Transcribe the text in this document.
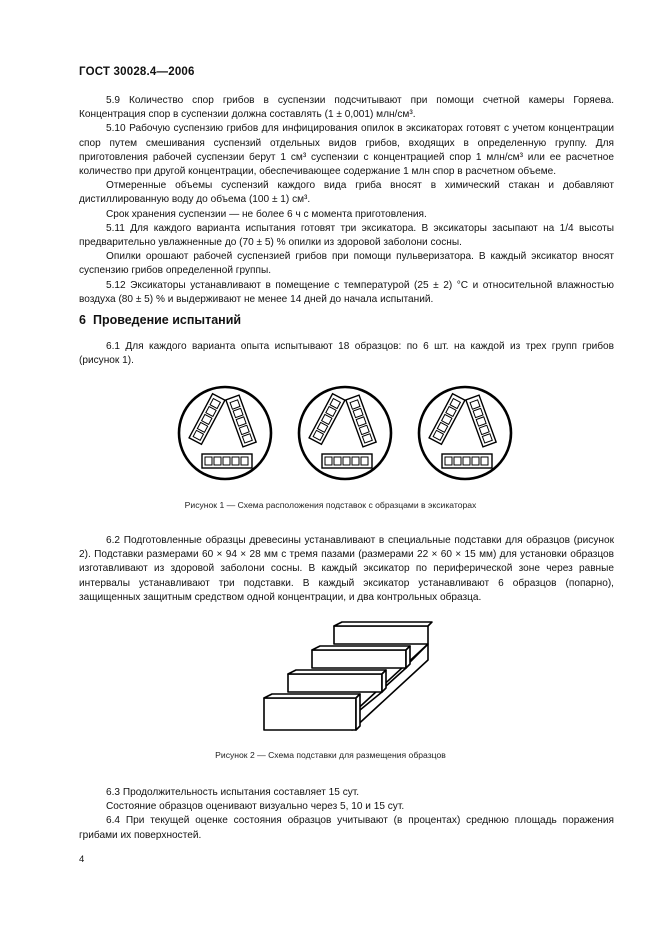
ГОСТ 30028.4—2006

5.9 Количество спор грибов в суспензии подсчитывают при помощи счетной камеры Горяева. Концентрация спор в суспензии должна составлять (1 ± 0,001) млн/см³.

5.10 Рабочую суспензию грибов для инфицирования опилок в эксикаторах готовят с учетом концентрации спор путем смешивания суспензий отдельных видов грибов, входящих в определенную группу. Для приготовления рабочей суспензии берут 1 см³ суспензии с концентрацией спор 1 млн/см³ или ее расчетное количество при другой концентрации, обеспечивающее содержание 1 млн спор в расчетном объеме.

Отмеренные объемы суспензий каждого вида гриба вносят в химический стакан и добавляют дистиллированную воду до объема (100 ± 1) см³.

Срок хранения суспензии — не более 6 ч с момента приготовления.

5.11 Для каждого варианта испытания готовят три эксикатора. В эксикаторы засыпают на 1/4 высоты предварительно увлажненные до (70 ± 5) % опилки из здоровой заболони сосны.

Опилки орошают рабочей суспензией грибов при помощи пульверизатора. В каждый эксикатор вносят суспензию грибов определенной группы.

5.12 Эксикаторы устанавливают в помещение с температурой (25 ± 2) °С и относительной влажностью воздуха (80 ± 5) % и выдерживают не менее 14 дней до начала испытаний.

6 Проведение испытаний

6.1 Для каждого варианта опыта испытывают 18 образцов: по 6 шт. на каждой из трех групп грибов (рисунок 1).

Рисунок 1 — Схема расположения подставок с образцами в эксикаторах

6.2 Подготовленные образцы древесины устанавливают в специальные подставки для образцов (рисунок 2). Подставки размерами 60 × 94 × 28 мм с тремя пазами (размерами 22 × 60 × 15 мм) для установки образцов изготавливают из здоровой заболони сосны. В каждый эксикатор по периферической зоне через равные интервалы устанавливают три подставки. В каждый эксикатор устанавливают 6 образцов (попарно), защищенных защитным средством одной концентрации, и два контрольных образца.

Рисунок 2 — Схема подставки для размещения образцов

6.3 Продолжительность испытания составляет 15 сут.

Состояние образцов оценивают визуально через 5, 10 и 15 сут.

6.4 При текущей оценке состояния образцов учитывают (в процентах) среднюю площадь поражения грибами их поверхностей.

4
